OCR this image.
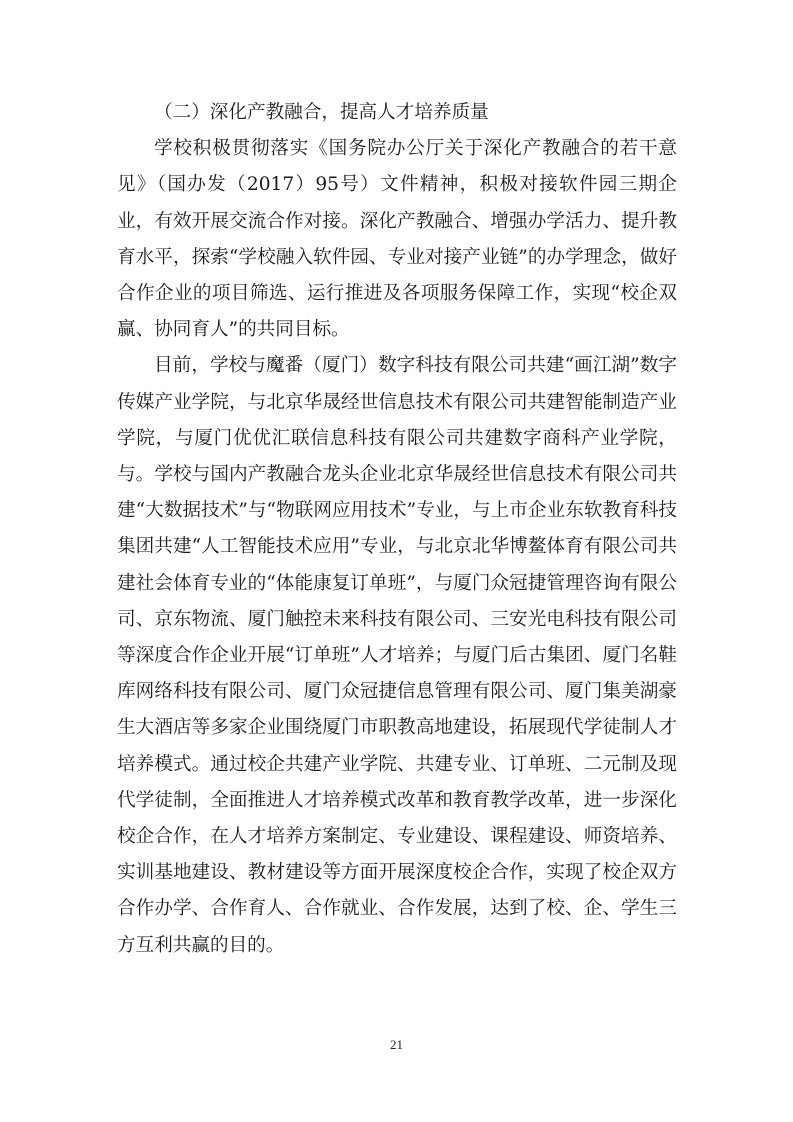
（二）深化产教融合，提高人才培养质量

学校积极贯彻落实《国务院办公厅关于深化产教融合的若干意见》（国办发（2017）95号）文件精神，积极对接软件园三期企业，有效开展交流合作对接。深化产教融合、增强办学活力、提升教育水平，探索“学校融入软件园、专业对接产业链”的办学理念，做好合作企业的项目筛选、运行推进及各项服务保障工作，实现“校企双赢、协同育人”的共同目标。

目前，学校与魔番（厦门）数字科技有限公司共建“画江湖”数字传媒产业学院，与北京华晟经世信息技术有限公司共建智能制造产业学院，与厦门优优汇联信息科技有限公司共建数字商科产业学院，与。学校与国内产教融合龙头企业北京华晟经世信息技术有限公司共建“大数据技术”与“物联网应用技术”专业，与上市企业东软教育科技集团共建“人工智能技术应用”专业，与北京北华博鳌体育有限公司共建社会体育专业的“体能康复订单班”，与厦门众冠捷管理咨询有限公司、京东物流、厦门触控未来科技有限公司、三安光电科技有限公司等深度合作企业开展“订单班”人才培养；与厦门后古集团、厦门名鞋库网络科技有限公司、厦门众冠捷信息管理有限公司、厦门集美湖豪生大酒店等多家企业围绕厦门市职教高地建设，拓展现代学徒制人才培养模式。通过校企共建产业学院、共建专业、订单班、二元制及现代学徒制，全面推进人才培养模式改革和教育教学改革，进一步深化校企合作，在人才培养方案制定、专业建设、课程建设、师资培养、实训基地建设、教材建设等方面开展深度校企合作，实现了校企双方合作办学、合作育人、合作就业、合作发展，达到了校、企、学生三方互利共赢的目的。

21
